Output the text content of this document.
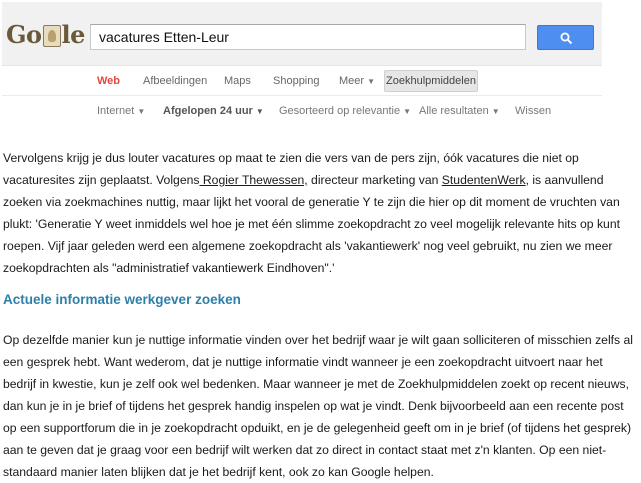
Go le	vacatures Etten-Leur
Web Afbeeldingen Maps Shopping Meer ▼ Zoekhulpmiddelen
Internet ▼ Afgelopen 24 uur ▼ Gesorteerd op relevantie ▼ Alle resultaten ▼ Wissen

Vervolgens krijg je dus louter vacatures op maat te zien die vers van de pers zijn, óók vacatures die niet op vacaturesites zijn geplaatst. Volgens Rogier Thewessen, directeur marketing van StudentenWerk, is aanvullend zoeken via zoekmachines nuttig, maar lijkt het vooral de generatie Y te zijn die hier op dit moment de vruchten van plukt: 'Generatie Y weet inmiddels wel hoe je met één slimme zoekopdracht zo veel mogelijk relevante hits op kunt roepen. Vijf jaar geleden werd een algemene zoekopdracht als 'vakantiewerk' nog veel gebruikt, nu zien we meer zoekopdrachten als "administratief vakantiewerk Eindhoven".'

Actuele informatie werkgever zoeken

Op dezelfde manier kun je nuttige informatie vinden over het bedrijf waar je wilt gaan solliciteren of misschien zelfs al een gesprek hebt. Want wederom, dat je nuttige informatie vindt wanneer je een zoekopdracht uitvoert naar het bedrijf in kwestie, kun je zelf ook wel bedenken. Maar wanneer je met de Zoekhulpmiddelen zoekt op recent nieuws, dan kun je in je brief of tijdens het gesprek handig inspelen op wat je vindt. Denk bijvoorbeeld aan een recente post op een supportforum die in je zoekopdracht opduikt, en je de gelegenheid geeft om in je brief (of tijdens het gesprek) aan te geven dat je graag voor een bedrijf wilt werken dat zo direct in contact staat met z'n klanten. Op een niet-standaard manier laten blijken dat je het bedrijf kent, ook zo kan Google helpen.
